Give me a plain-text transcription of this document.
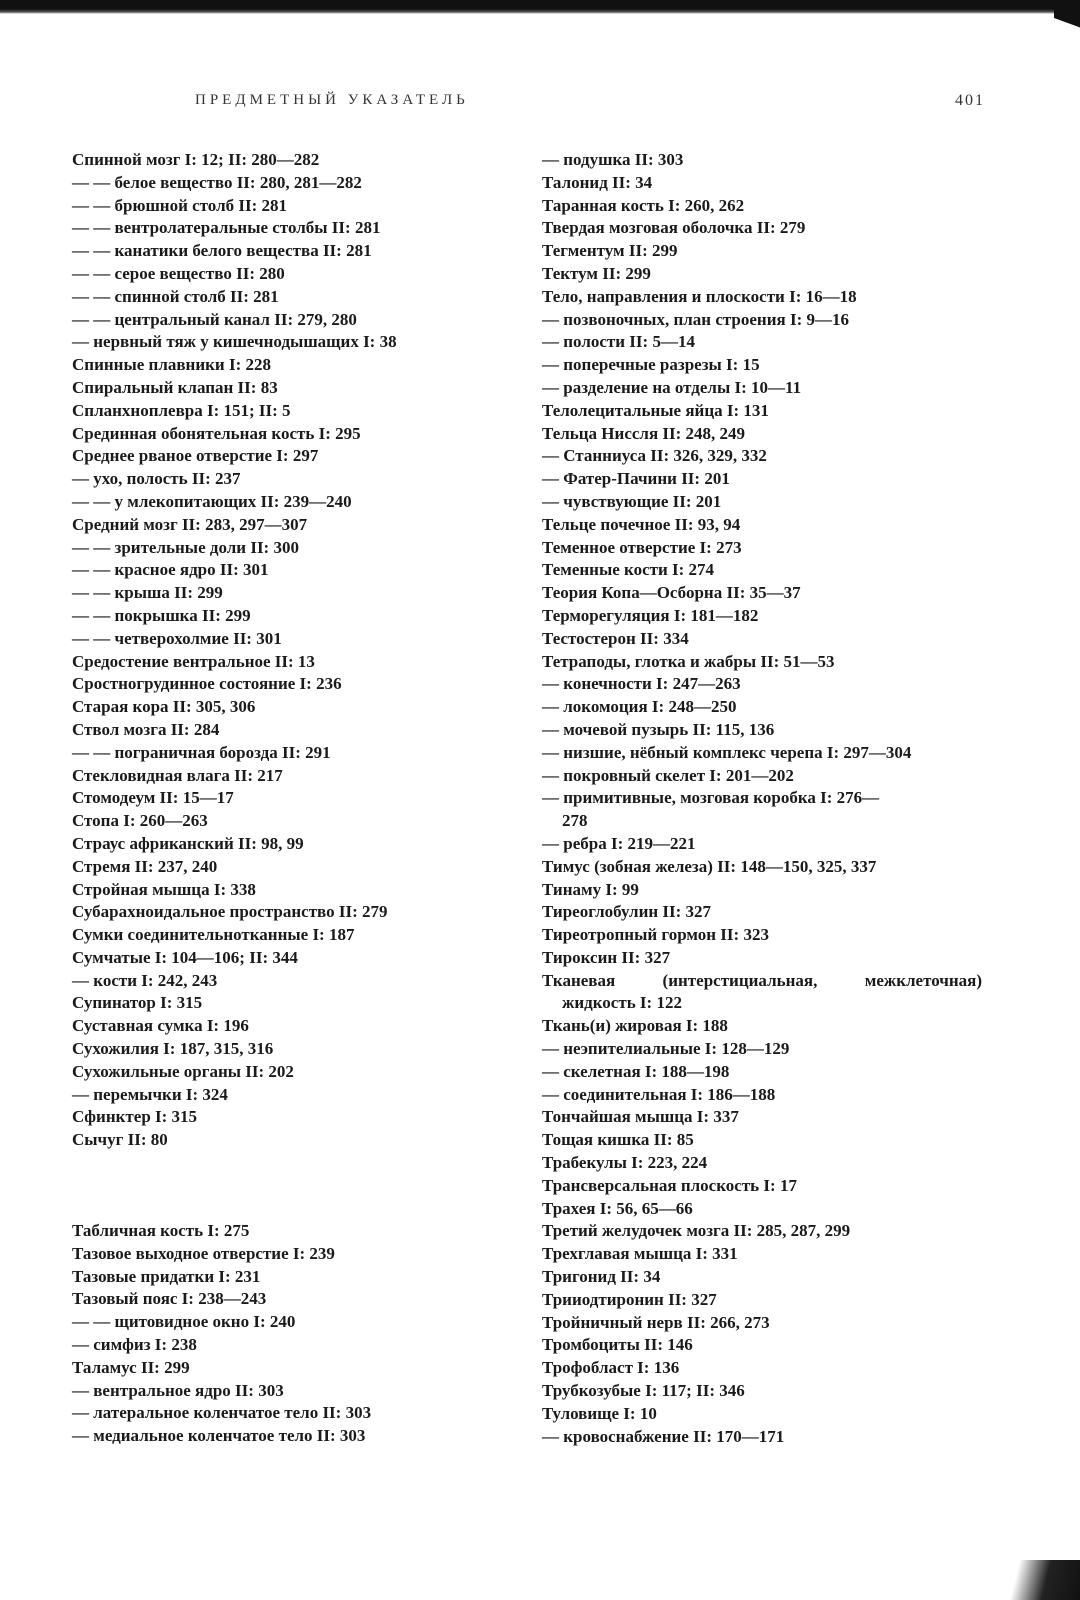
ПРЕДМЕТНЫЙ УКАЗАТЕЛЬ	401
Спинной мозг I: 12; II: 280—282
— — белое вещество II: 280, 281—282
— — брюшной столб II: 281
— — вентролатеральные столбы II: 281
— — канатики белого вещества II: 281
— — серое вещество II: 280
— — спинной столб II: 281
— — центральный канал II: 279, 280
— нервный тяж у кишечнодышащих I: 38
Спинные плавники I: 228
Спиральный клапан II: 83
Спланхноплевра I: 151; II: 5
Срединная обонятельная кость I: 295
Среднее рваное отверстие I: 297
— ухо, полость II: 237
— — у млекопитающих II: 239—240
Средний мозг II: 283, 297—307
— — зрительные доли II: 300
— — красное ядро II: 301
— — крыша II: 299
— — покрышка II: 299
— — четверохолмие II: 301
Средостение вентральное II: 13
Сростногрудинное состояние I: 236
Старая кора II: 305, 306
Ствол мозга II: 284
— — пограничная борозда II: 291
Стекловидная влага II: 217
Стомодеум II: 15—17
Стопа I: 260—263
Страус африканский II: 98, 99
Стремя II: 237, 240
Стройная мышца I: 338
Субарахноидальное пространство II: 279
Сумки соединительнотканные I: 187
Сумчатые I: 104—106; II: 344
— кости I: 242, 243
Супинатор I: 315
Суставная сумка I: 196
Сухожилия I: 187, 315, 316
Сухожильные органы II: 202
— перемычки I: 324
Сфинктер I: 315
Сычуг II: 80
Табличная кость I: 275
Тазовое выходное отверстие I: 239
Тазовые придатки I: 231
Тазовый пояс I: 238—243
— — щитовидное окно I: 240
— симфиз I: 238
Таламус II: 299
— вентральное ядро II: 303
— латеральное коленчатое тело II: 303
— медиальное коленчатое тело II: 303
— подушка II: 303
Талонид II: 34
Таранная кость I: 260, 262
Твердая мозговая оболочка II: 279
Тегментум II: 299
Тектум II: 299
Тело, направления и плоскости I: 16—18
— позвоночных, план строения I: 9—16
— полости II: 5—14
— поперечные разрезы I: 15
— разделение на отделы I: 10—11
Телолецитальные яйца I: 131
Тельца Ниссля II: 248, 249
— Станниуса II: 326, 329, 332
— Фатер-Пачини II: 201
— чувствующие II: 201
Тельце почечное II: 93, 94
Теменное отверстие I: 273
Теменные кости I: 274
Теория Копа—Осборна II: 35—37
Терморегуляция I: 181—182
Тестостерон II: 334
Тетраподы, глотка и жабры II: 51—53
— конечности I: 247—263
— локомоция I: 248—250
— мочевой пузырь II: 115, 136
— низшие, нёбный комплекс черепа I: 297—304
— покровный скелет I: 201—202
— примитивные, мозговая коробка I: 276—
278
— ребра I: 219—221
Тимус (зобная железа) II: 148—150, 325, 337
Тинаму I: 99
Тиреоглобулин II: 327
Тиреотропный гормон II: 323
Тироксин II: 327
Тканевая (интерстициальная, межклеточная)
жидкость I: 122
Ткань(и) жировая I: 188
— неэпителиальные I: 128—129
— скелетная I: 188—198
— соединительная I: 186—188
Тончайшая мышца I: 337
Тощая кишка II: 85
Трабекулы I: 223, 224
Трансверсальная плоскость I: 17
Трахея I: 56, 65—66
Третий желудочек мозга II: 285, 287, 299
Трехглавая мышца I: 331
Тригонид II: 34
Трииодтиронин II: 327
Тройничный нерв II: 266, 273
Тромбоциты II: 146
Трофобласт I: 136
Трубкозубые I: 117; II: 346
Туловище I: 10
— кровоснабжение II: 170—171
